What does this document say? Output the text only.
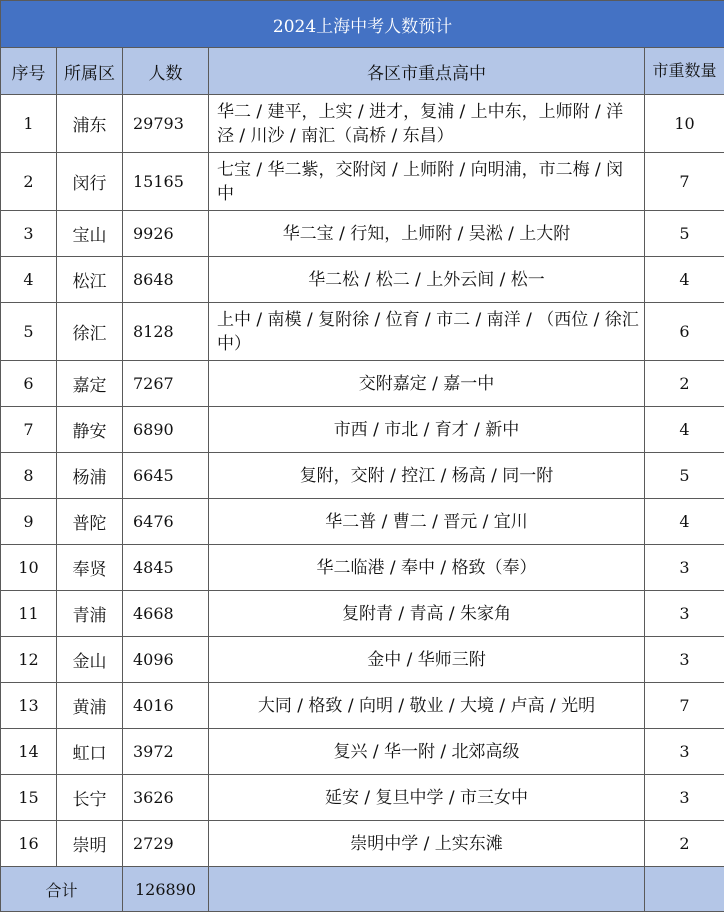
2024上海中考人数预计				
序号	所属区	人数	各区市重点高中	市重数量
1	浦东	29793	华二 / 建平，上实 / 进才，复浦 / 上中东，上师附 / 洋泾 / 川沙 / 南汇（高桥 / 东昌）	10
2	闵行	15165	七宝 / 华二紫，交附闵 / 上师附 / 向明浦，市二梅 / 闵中	7
3	宝山	9926	华二宝 / 行知，上师附 / 吴淞 / 上大附	5
4	松江	8648	华二松 / 松二 / 上外云间 / 松一	4
5	徐汇	8128	上中 / 南模 / 复附徐 / 位育 / 市二 / 南洋 / （西位 / 徐汇中）	6
6	嘉定	7267	交附嘉定 / 嘉一中	2
7	静安	6890	市西 / 市北 / 育才 / 新中	4
8	杨浦	6645	复附，交附 / 控江 / 杨高 / 同一附	5
9	普陀	6476	华二普 / 曹二 / 晋元 / 宜川	4
10	奉贤	4845	华二临港 / 奉中 / 格致（奉）	3
11	青浦	4668	复附青 / 青高 / 朱家角	3
12	金山	4096	金中 / 华师三附	3
13	黄浦	4016	大同 / 格致 / 向明 / 敬业 / 大境 / 卢高 / 光明	7
14	虹口	3972	复兴 / 华一附 / 北郊高级	3
15	长宁	3626	延安 / 复旦中学 / 市三女中	3
16	崇明	2729	崇明中学 / 上实东滩	2
合计		126890		
